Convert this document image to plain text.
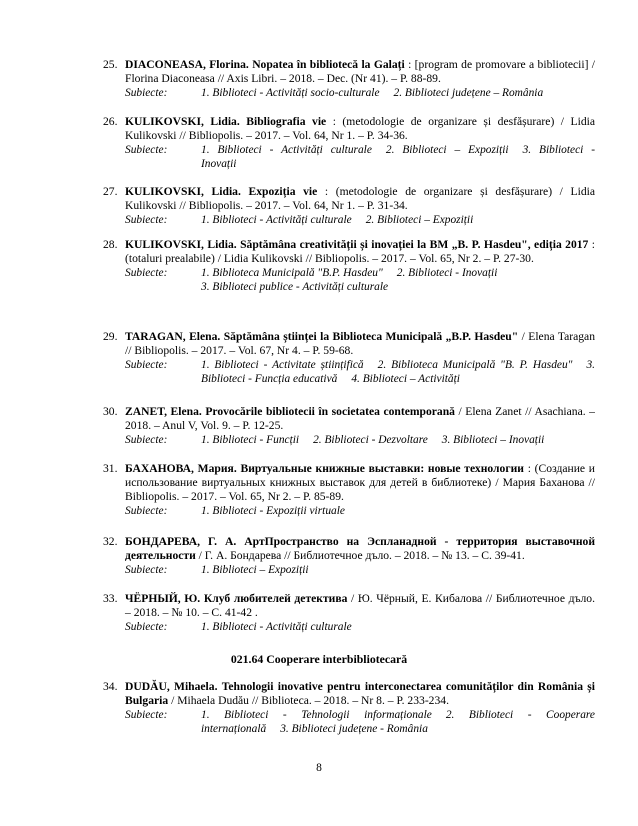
25. DIACONEASA, Florina. Nopatea în bibliotecă la Galați : [program de promovare a bibliotecii] / Florina Diaconeasa // Axis Libri. – 2018. – Dec. (Nr 41). – P. 88-89.
Subiecte:	1. Biblioteci - Activități socio-culturale 2. Biblioteci județene – România
26. KULIKOVSKI, Lidia. Bibliografia vie : (metodologie de organizare și desfășurare) / Lidia Kulikovski // Bibliopolis. – 2017. – Vol. 64, Nr 1. – P. 34-36.
Subiecte:	1. Biblioteci - Activități culturale 2. Biblioteci – Expoziții 3. Biblioteci - Inovații
27. KULIKOVSKI, Lidia. Expoziția vie : (metodologie de organizare și desfășurare) / Lidia Kulikovski // Bibliopolis. – 2017. – Vol. 64, Nr 1. – P. 31-34.
Subiecte:	1. Biblioteci - Activități culturale 2. Biblioteci – Expoziții
28. KULIKOVSKI, Lidia. Săptămâna creativității și inovației la BM „B. P. Hasdeu", ediția 2017 : (totaluri prealabile) / Lidia Kulikovski // Bibliopolis. – 2017. – Vol. 65, Nr 2. – P. 27-30.
Subiecte:	1. Biblioteca Municipală "B.P. Hasdeu" 2. Biblioteci - Inovații
3. Biblioteci publice - Activități culturale
29. TARAGAN, Elena. Săptămâna științei la Biblioteca Municipală „B.P. Hasdeu" / Elena Taragan // Bibliopolis. – 2017. – Vol. 67, Nr 4. – P. 59-68.
Subiecte:	1. Biblioteci - Activitate științifică 2. Biblioteca Municipală "B. P. Hasdeu" 3. Biblioteci - Funcția educativă 4. Biblioteci – Activități
30. ZANET, Elena. Provocările bibliotecii în societatea contemporană / Elena Zanet // Asachiana. – 2018. – Anul V, Vol. 9. – P. 12-25.
Subiecte:	1. Biblioteci - Funcții 2. Biblioteci - Dezvoltare 3. Biblioteci – Inovații
31. БАХАНОВА, Мария. Виртуальные книжные выставки: новые технологии : (Создание и использование виртуальных книжных выставок для детей в библиотеке) / Мария Баханова // Bibliopolis. – 2017. – Vol. 65, Nr 2. – P. 85-89.
Subiecte:	1. Biblioteci - Expoziții virtuale
32. БОНДАРЕВА, Г. А. АртПространство на Эспланадной - территория выставочной деятельности / Г. А. Бондарева // Библиотечное дъло. – 2018. – № 13. – С. 39-41.
Subiecte:	1. Biblioteci – Expoziții
33. ЧЁРНЫЙ, Ю. Клуб любителей детектива / Ю. Чёрный, Е. Кибалова // Библиотечное дъло. – 2018. – № 10. – С. 41-42 .
Subiecte:	1. Biblioteci - Activități culturale
021.64 Cooperare interbibliotecară
34. DUDĂU, Mihaela. Tehnologii inovative pentru interconectarea comunităților din România și Bulgaria / Mihaela Dudău // Biblioteca. – 2018. – Nr 8. – P. 233-234.
Subiecte:	1. Biblioteci - Tehnologii informaționale 2. Biblioteci - Cooperare internațională 3. Biblioteci județene - România
8
